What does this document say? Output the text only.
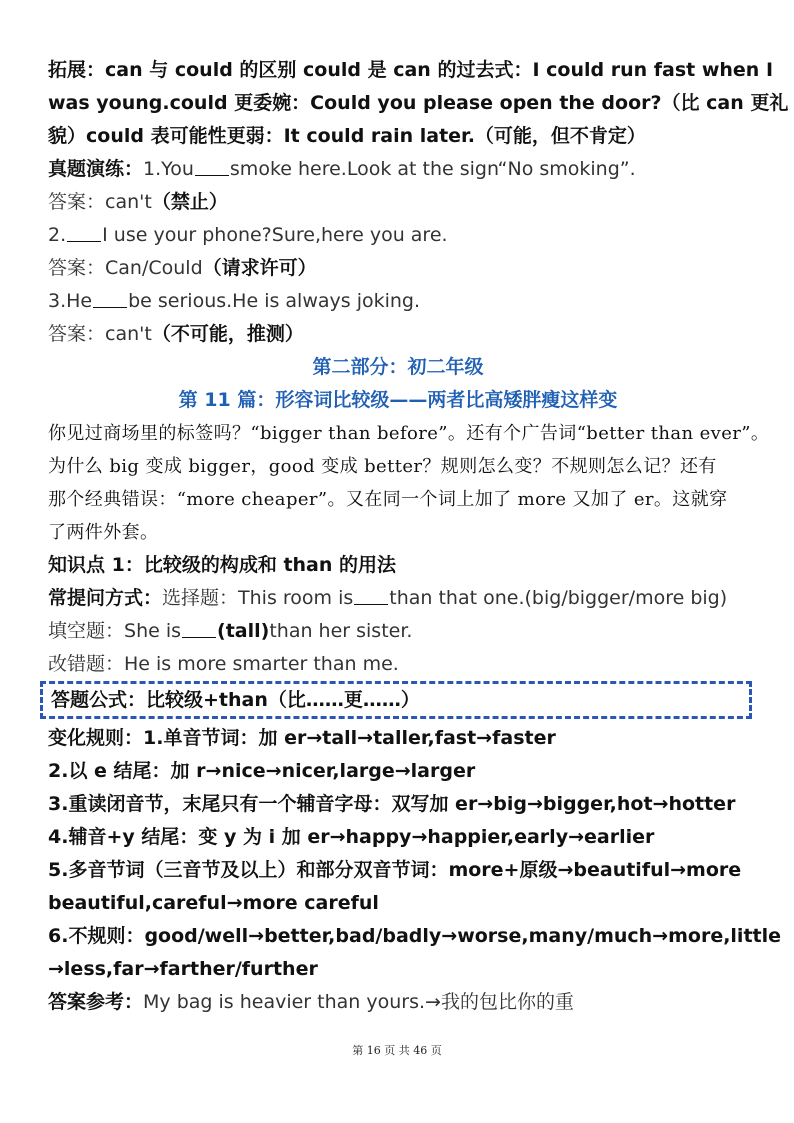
拓展：can 与 could 的区别 could 是 can 的过去式：I could run fast when I
was young.could 更委婉：Could you please open the door?（比 can 更礼
貌）could 表可能性更弱：It could rain later.（可能，但不肯定）
真题演练：1.You smoke here.Look at the sign“No smoking”.
答案：can't（禁止）
2. I use your phone?Sure,here you are.
答案：Can/Could（请求许可）
3.He be serious.He is always joking.
答案：can't（不可能，推测）
第二部分：初二年级
第 11 篇：形容词比较级——两者比高矮胖瘦这样变
你见过商场里的标签吗？“bigger than before”。还有个广告词“better than ever”。
为什么 big 变成 bigger，good 变成 better？规则怎么变？不规则怎么记？还有
那个经典错误：“more cheaper”。又在同一个词上加了 more 又加了 er。这就穿
了两件外套。
知识点 1：比较级的构成和 than 的用法
常提问方式：选择题：This room is than that one.(big/bigger/more big)
填空题：She is (tall)than her sister.
改错题：He is more smarter than me.
答题公式：比较级+than（比……更……）
变化规则：1.单音节词：加 er→tall→taller,fast→faster
2.以 e 结尾：加 r→nice→nicer,large→larger
3.重读闭音节，末尾只有一个辅音字母：双写加 er→big→bigger,hot→hotter
4.辅音+y 结尾：变 y 为 i 加 er→happy→happier,early→earlier
5.多音节词（三音节及以上）和部分双音节词：more+原级→beautiful→more
beautiful,careful→more careful
6.不规则：good/well→better,bad/badly→worse,many/much→more,little
→less,far→farther/further
答案参考：My bag is heavier than yours.→我的包比你的重
第 16 页 共 46 页
